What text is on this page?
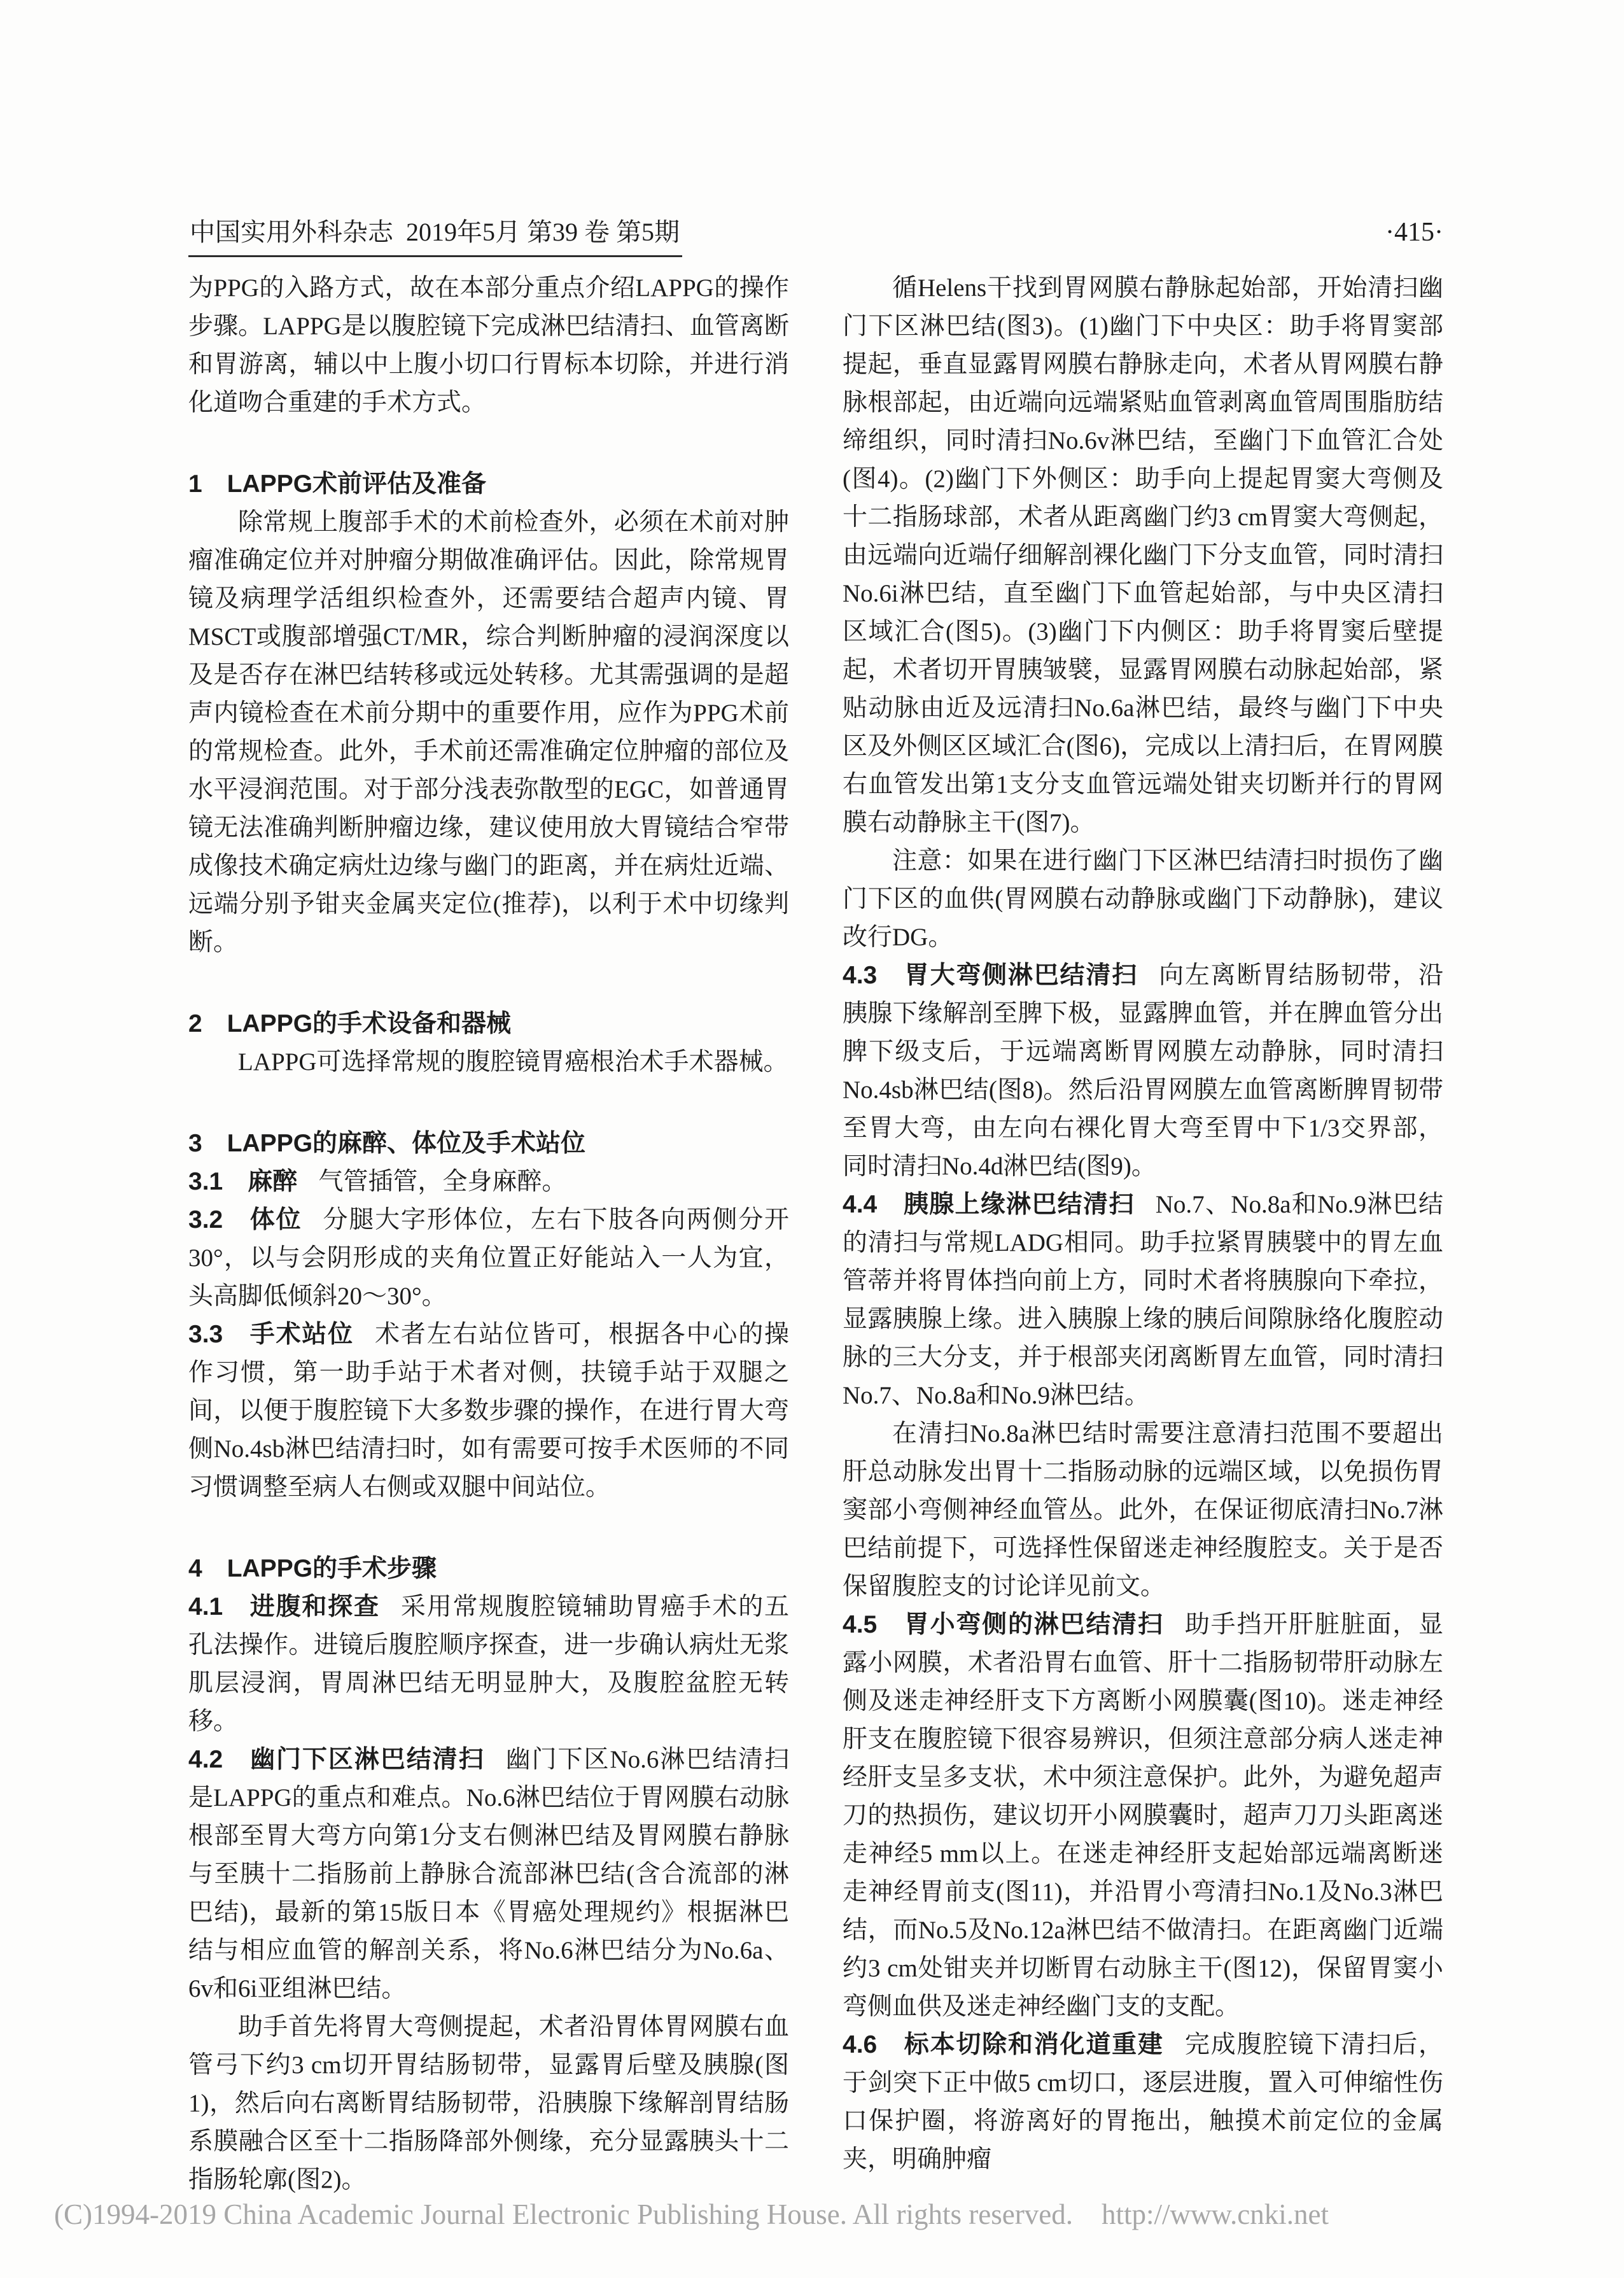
中国实用外科杂志  2019年5月 第39 卷 第5期	·415·

为PPG的入路方式，故在本部分重点介绍LAPPG的操作步骤。LAPPG是以腹腔镜下完成淋巴结清扫、血管离断和胃游离，辅以中上腹小切口行胃标本切除，并进行消化道吻合重建的手术方式。

1　LAPPG术前评估及准备

除常规上腹部手术的术前检查外，必须在术前对肿瘤准确定位并对肿瘤分期做准确评估。因此，除常规胃镜及病理学活组织检查外，还需要结合超声内镜、胃MSCT或腹部增强CT/MR，综合判断肿瘤的浸润深度以及是否存在淋巴结转移或远处转移。尤其需强调的是超声内镜检查在术前分期中的重要作用，应作为PPG术前的常规检查。此外，手术前还需准确定位肿瘤的部位及水平浸润范围。对于部分浅表弥散型的EGC，如普通胃镜无法准确判断肿瘤边缘，建议使用放大胃镜结合窄带成像技术确定病灶边缘与幽门的距离，并在病灶近端、远端分别予钳夹金属夹定位(推荐)，以利于术中切缘判断。

2　LAPPG的手术设备和器械

LAPPG可选择常规的腹腔镜胃癌根治术手术器械。

3　LAPPG的麻醉、体位及手术站位

3.1　麻醉 气管插管，全身麻醉。

3.2　体位 分腿大字形体位，左右下肢各向两侧分开30°，以与会阴形成的夹角位置正好能站入一人为宜，头高脚低倾斜20～30°。

3.3　手术站位 术者左右站位皆可，根据各中心的操作习惯，第一助手站于术者对侧，扶镜手站于双腿之间，以便于腹腔镜下大多数步骤的操作，在进行胃大弯侧No.4sb淋巴结清扫时，如有需要可按手术医师的不同习惯调整至病人右侧或双腿中间站位。

4　LAPPG的手术步骤

4.1　进腹和探查 采用常规腹腔镜辅助胃癌手术的五孔法操作。进镜后腹腔顺序探查，进一步确认病灶无浆肌层浸润，胃周淋巴结无明显肿大，及腹腔盆腔无转移。

4.2　幽门下区淋巴结清扫 幽门下区No.6淋巴结清扫是LAPPG的重点和难点。No.6淋巴结位于胃网膜右动脉根部至胃大弯方向第1分支右侧淋巴结及胃网膜右静脉与至胰十二指肠前上静脉合流部淋巴结(含合流部的淋巴结)，最新的第15版日本《胃癌处理规约》根据淋巴结与相应血管的解剖关系，将No.6淋巴结分为No.6a、6v和6i亚组淋巴结。

助手首先将胃大弯侧提起，术者沿胃体胃网膜右血管弓下约3 cm切开胃结肠韧带，显露胃后壁及胰腺(图1)，然后向右离断胃结肠韧带，沿胰腺下缘解剖胃结肠系膜融合区至十二指肠降部外侧缘，充分显露胰头十二指肠轮廓(图2)。

循Helens干找到胃网膜右静脉起始部，开始清扫幽门下区淋巴结(图3)。(1)幽门下中央区：助手将胃窦部提起，垂直显露胃网膜右静脉走向，术者从胃网膜右静脉根部起，由近端向远端紧贴血管剥离血管周围脂肪结缔组织，同时清扫No.6v淋巴结，至幽门下血管汇合处(图4)。(2)幽门下外侧区：助手向上提起胃窦大弯侧及十二指肠球部，术者从距离幽门约3 cm胃窦大弯侧起，由远端向近端仔细解剖裸化幽门下分支血管，同时清扫No.6i淋巴结，直至幽门下血管起始部，与中央区清扫区域汇合(图5)。(3)幽门下内侧区：助手将胃窦后壁提起，术者切开胃胰皱襞，显露胃网膜右动脉起始部，紧贴动脉由近及远清扫No.6a淋巴结，最终与幽门下中央区及外侧区区域汇合(图6)，完成以上清扫后，在胃网膜右血管发出第1支分支血管远端处钳夹切断并行的胃网膜右动静脉主干(图7)。

注意：如果在进行幽门下区淋巴结清扫时损伤了幽门下区的血供(胃网膜右动静脉或幽门下动静脉)，建议改行DG。

4.3　胃大弯侧淋巴结清扫 向左离断胃结肠韧带，沿胰腺下缘解剖至脾下极，显露脾血管，并在脾血管分出脾下级支后，于远端离断胃网膜左动静脉，同时清扫No.4sb淋巴结(图8)。然后沿胃网膜左血管离断脾胃韧带至胃大弯，由左向右裸化胃大弯至胃中下1/3交界部，同时清扫No.4d淋巴结(图9)。

4.4　胰腺上缘淋巴结清扫 No.7、No.8a和No.9淋巴结的清扫与常规LADG相同。助手拉紧胃胰襞中的胃左血管蒂并将胃体挡向前上方，同时术者将胰腺向下牵拉，显露胰腺上缘。进入胰腺上缘的胰后间隙脉络化腹腔动脉的三大分支，并于根部夹闭离断胃左血管，同时清扫No.7、No.8a和No.9淋巴结。

在清扫No.8a淋巴结时需要注意清扫范围不要超出肝总动脉发出胃十二指肠动脉的远端区域，以免损伤胃窦部小弯侧神经血管丛。此外，在保证彻底清扫No.7淋巴结前提下，可选择性保留迷走神经腹腔支。关于是否保留腹腔支的讨论详见前文。

4.5　胃小弯侧的淋巴结清扫 助手挡开肝脏脏面，显露小网膜，术者沿胃右血管、肝十二指肠韧带肝动脉左侧及迷走神经肝支下方离断小网膜囊(图10)。迷走神经肝支在腹腔镜下很容易辨识，但须注意部分病人迷走神经肝支呈多支状，术中须注意保护。此外，为避免超声刀的热损伤，建议切开小网膜囊时，超声刀刀头距离迷走神经5 mm以上。在迷走神经肝支起始部远端离断迷走神经胃前支(图11)，并沿胃小弯清扫No.1及No.3淋巴结，而No.5及No.12a淋巴结不做清扫。在距离幽门近端约3 cm处钳夹并切断胃右动脉主干(图12)，保留胃窦小弯侧血供及迷走神经幽门支的支配。

4.6　标本切除和消化道重建 完成腹腔镜下清扫后，于剑突下正中做5 cm切口，逐层进腹，置入可伸缩性伤口保护圈，将游离好的胃拖出，触摸术前定位的金属夹，明确肿瘤

(C)1994-2019 China Academic Journal Electronic Publishing House. All rights reserved.    http://www.cnki.net
